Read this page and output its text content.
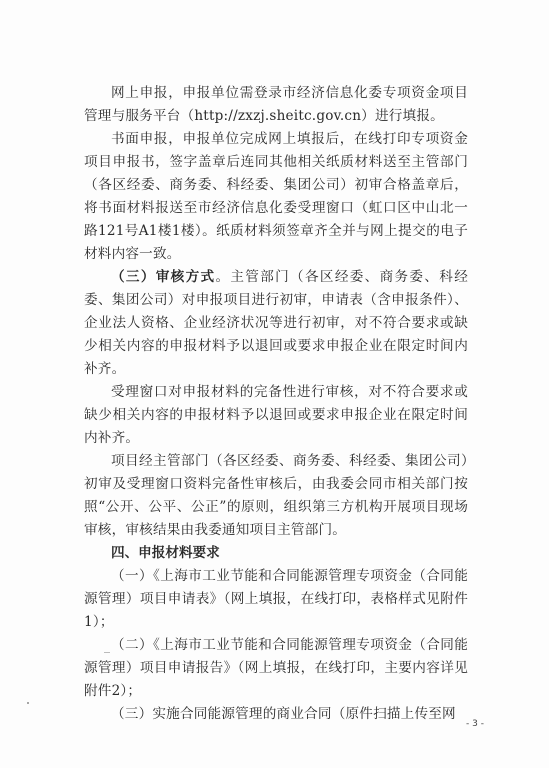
网上申报，申报单位需登录市经济信息化委专项资金项目管理与服务平台（http://zxzj.sheitc.gov.cn）进行填报。

书面申报，申报单位完成网上填报后，在线打印专项资金项目申报书，签字盖章后连同其他相关纸质材料送至主管部门（各区经委、商务委、科经委、集团公司）初审合格盖章后，将书面材料报送至市经济信息化委受理窗口（虹口区中山北一路121号A1楼1楼）。纸质材料须签章齐全并与网上提交的电子材料内容一致。

（三）审核方式。主管部门（各区经委、商务委、科经委、集团公司）对申报项目进行初审，申请表（含申报条件）、企业法人资格、企业经济状况等进行初审，对不符合要求或缺少相关内容的申报材料予以退回或要求申报企业在限定时间内补齐。

受理窗口对申报材料的完备性进行审核，对不符合要求或缺少相关内容的申报材料予以退回或要求申报企业在限定时间内补齐。

项目经主管部门（各区经委、商务委、科经委、集团公司）初审及受理窗口资料完备性审核后，由我委会同市相关部门按照“公开、公平、公正”的原则，组织第三方机构开展项目现场审核，审核结果由我委通知项目主管部门。

四、申报材料要求

（一）《上海市工业节能和合同能源管理专项资金（合同能源管理）项目申请表》（网上填报，在线打印，表格样式见附件1）；

（二）《上海市工业节能和合同能源管理专项资金（合同能源管理）项目申请报告》（网上填报，在线打印，主要内容详见附件2）；

（三）实施合同能源管理的商业合同（原件扫描上传至网

- 3 -
